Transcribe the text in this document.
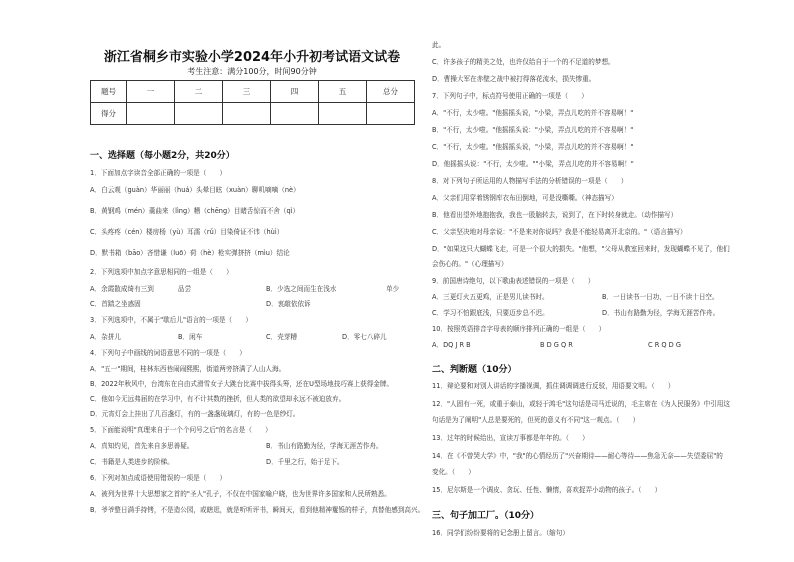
浙江省桐乡市实验小学2024年小升初考试语文试卷
考生注意：满分100分，时间90分钟
题号	一	二	三	四	五	总分
得分						
一、选择题（每小题2分，共20分）
1．下面加点字读音全部正确的一项是（　　）
A．白云观（guàn）华丽丽（huá）头晕目眩（xuàn）聊叽嘀嘀（nè）
B．黄钢鸡（mén）羹曲来（lìng）糟（chēng）目睹舌惊而不舍（qì）
C．头疼疼（cén）楼房杨（yù）耳濡（rǔ）目染倚证不讳（hùì）
D．默书箱（bāo）吝惜谦（luō）荷（hè）枪实弹挤挤（mìu）结论
2．下列选项中加点字意思相同的一组是（　　）
A．余霞散成绮有三到	品尝	B．少选之间而生在浅水	单少
C．首踏之坐惑固	D．衷敲依依诉
3．下列选项中，不属于"歇后儿"语言的一项是（　　）
A．杂拼儿	B．闲车	C．壳芽糟	D．零七八碎儿
4．下列句子中画线的词语意思不同的一项是（　　）
A．"五一"期间，桂林东西巷闹闹熙熙，街道两旁挤满了人山人海。
B．2022年秋风中，台湾东在自由式滑雪女子大跳台比赛中拔得头筹，还在U型场地技巧赛上获得金牌。
C．他如今无远弗届的在学习中，有不计其数的挫折，但人类的欲望却永远不被迫放弃。
D．元宵灯会上挂出了几百盏灯，有的一盏盏琉璃灯，有的一色是纱灯。
5．下面能说明"真理来自于一个个问号之后"的名言是（　　）
A．真知灼见，首先来自多思善疑。	B．书山有路勤为径，学海无涯苦作舟。
C．书籍是人类进步的阶梯。	D．千里之行，始于足下。
6．下列对加点成语使用错误的一项是（　　）
A．被列为世界十大思想家之首的"圣人"孔子，不仅在中国家喻户晓，也为世界许多国家和人民所熟悉。
B．爷爷整日满手持铐，不是造公园，或瞎逛，就是听听评书，瞬间天，看到他精神矍铄的样子，真替他感到高兴。
此。
C．许多孩子的精美之处，也许仅给自于一个的不足道的梦想。
D．曹操大军在赤壁之战中被打得落花流水，损失惨重。
7．下列句子中，标点符号使用正确的一项是（　　）
A．"不行，太少啦。"他摇摇头说，"小梁，弄点儿吃的并不容易啊！"
B．"不行，太少啦。"他摇摇头说："小梁，弄点儿吃的并不容易啊！"
C．"不行，太少啦。"他摇摇头说，"小梁，弄点儿吃的并不容易啊！"
D．他摇摇头说："不行，太少啦。""小梁，弄点儿吃的并不容易啊！"
8．对下列句子所运用的人物描写手法的分析错误的一项是（　　）
A．父亲们用穿着锈钢库衣布田倒地，可是没嘶嘶。（神态描写）
B．他看出望外地抱抱我，我也一股脑转去，说到了，在下时转身就走。（动作描写）
C．父亲坚决地对母亲说："不是来对你说吗？我是不能轻易离开北京的。"（语言描写）
D．"如果这只大蝴蝶飞走，可是一个很大的损失。"他想，"父母从教室回来时，发现蝴蝶不见了，他们
会伤心的。"（心理描写）
9．前国唐诗绝句，以下歌曲表述错误的一项是（　　）
A．三更灯火五更鸡，正是男儿读书时。	B．一日读书一日功，一日不读十日空。
C．学习不怕跟底浅，只要迈步总不迟。	D．书山有路勤为径，学海无涯苦作舟。
10．按照英语排音字母表的顺序排列正确的一组是（　　）
A．DQ J R B	B D G Q R	C R Q D G
二、判断题（10分）
11．辩论要和对别人讲话的字播视调，抓住调调调进行反驳，用语要文明。（　　）
12．"人固有一死，或重于泰山，或轻于鸿毛"这句话是司马迁说的，毛主席在《为人民服务》中引用这
句话是为了阐明"人总是要死的，但死的意义有不同"这一观点。（　　）
13．过年的时候给出，宣读万事都是年年的。（　　）
14．在《不曾哭大学》中，"我"的心情经历了"兴奋期待——耐心等待——焦急无奈——失望委屈"的
变化。（　　）
15．尼尔斯是一个调皮、贪玩、任性、懒惰，喜欢捉弄小动物的孩子。（　　）
三、句子加工厂。（10分）
16．同学们纷纷要将的记念册上留言。（缩句）
